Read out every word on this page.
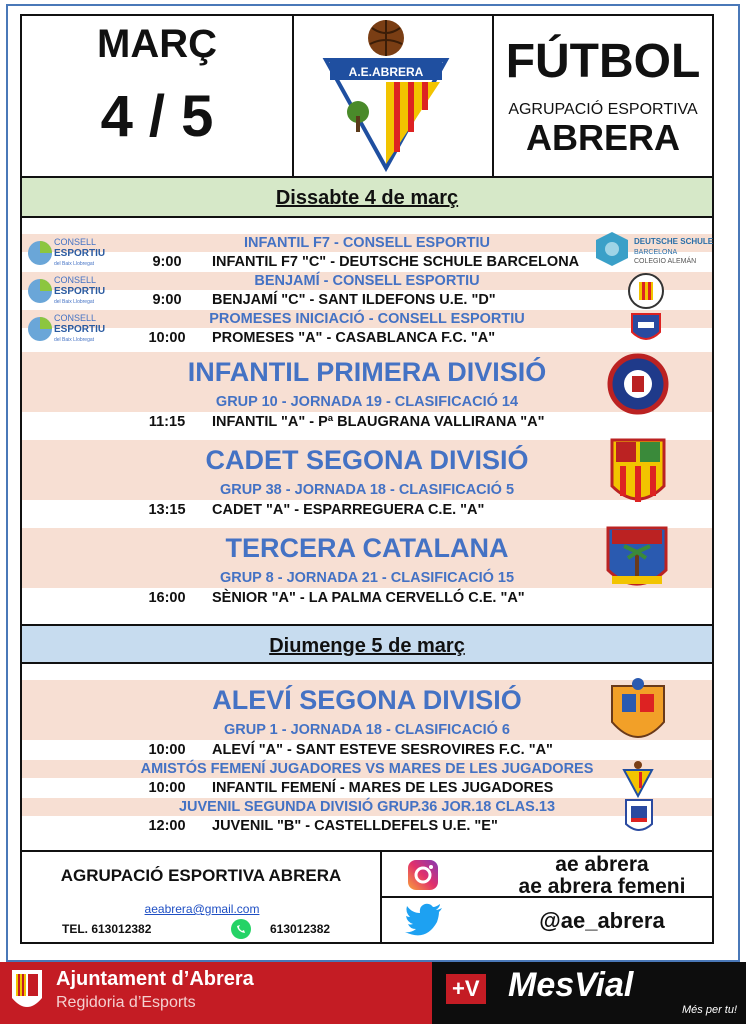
MARÇ
4 / 5
A.E.ABRERA FÚTBOL
AGRUPACIÓ ESPORTIVA
ABRERA
Dissabte 4 de març
INFANTIL F7 - CONSELL ESPORTIU
9:00	INFANTIL F7 "C" - DEUTSCHE SCHULE BARCELONA
CONSELL
ESPORTIU
del Baix Llobregat
DEUTSCHE SCHULE
BARCELONA
COLEGIO ALEMÁN
BENJAMÍ - CONSELL ESPORTIU
9:00	BENJAMÍ "C" - SANT ILDEFONS U.E. "D"
CONSELL
ESPORTIU
del Baix Llobregat
PROMESES INICIACIÓ - CONSELL ESPORTIU
10:00	PROMESES "A" - CASABLANCA F.C. "A"
CONSELL
ESPORTIU
del Baix Llobregat
INFANTIL PRIMERA DIVISIÓ
GRUP 10 - JORNADA 19 - CLASIFICACIÓ 14
11:15	INFANTIL "A" - Pª BLAUGRANA VALLIRANA "A"
CADET SEGONA DIVISIÓ
GRUP 38 - JORNADA 18 - CLASIFICACIÓ 5
13:15	CADET "A" - ESPARREGUERA C.E. "A"
TERCERA CATALANA
GRUP 8 - JORNADA 21 - CLASIFICACIÓ 15
16:00	SÈNIOR "A" - LA PALMA CERVELLÓ C.E. "A"
Diumenge 5 de març
ALEVÍ SEGONA DIVISIÓ
GRUP 1 - JORNADA 18 - CLASIFICACIÓ 6
10:00	ALEVÍ "A" - SANT ESTEVE SESROVIRES F.C. "A"
AMISTÓS FEMENÍ JUGADORES VS MARES DE LES JUGADORES
10:00	INFANTIL FEMENÍ - MARES DE LES JUGADORES
JUVENIL SEGUNDA DIVISIÓ GRUP.36 JOR.18 CLAS.13
12:00	JUVENIL "B" - CASTELLDEFELS U.E. "E"
AGRUPACIÓ ESPORTIVA ABRERA
aeabrera@gmail.com
TEL. 613012382	613012382
ae abrera
ae abrera femeni
@ae_abrera
Ajuntament d’Abrera
Regidoria d’Esports
+V MesVial
Més per tu!
